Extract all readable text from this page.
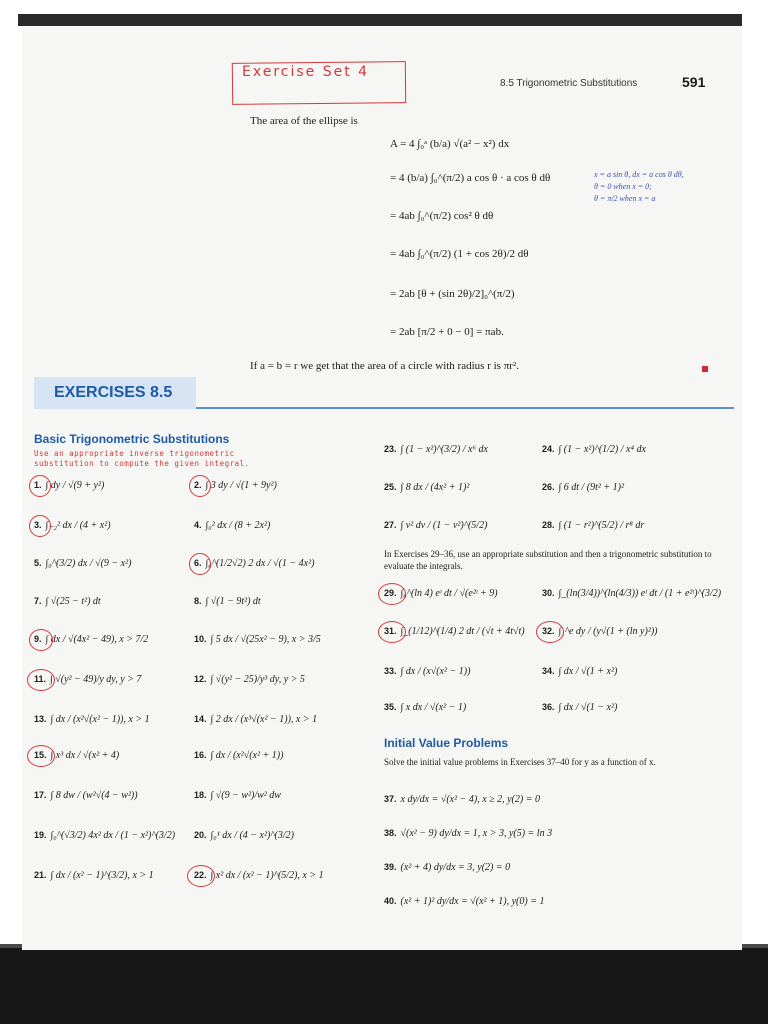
Exercise Set 4
8.5 Trigonometric Substitutions	591
The area of the ellipse is
A = 4 ∫₀ᵃ (b/a) √(a² − x²) dx
= 4 (b/a) ∫₀^(π/2) a cos θ · a cos θ dθ
= 4ab ∫₀^(π/2) cos² θ dθ
= 4ab ∫₀^(π/2) (1 + cos 2θ)/2 dθ
= 2ab [θ + (sin 2θ)/2]₀^(π/2)
= 2ab [π/2 + 0 − 0] = πab.
x = a sin θ, dx = a cos θ dθ,
θ = 0 when x = 0;
θ = π/2 when x = a
If a = b = r we get that the area of a circle with radius r is πr².
EXERCISES 8.5
Basic Trigonometric Substitutions
Use an appropriate inverse trigonometric
substitution to compute the given integral.
1. ∫ dy / √(9 + y²)
3. ∫₋₂² dx / (4 + x²)
5. ∫₀^(3/2) dx / √(9 − x²)
7. ∫ √(25 − t²) dt
9. ∫ dx / √(4x² − 49), x > 7/2
11. ∫ √(y² − 49)/y dy, y > 7
13. ∫ dx / (x²√(x² − 1)), x > 1
15. ∫ x³ dx / √(x² + 4)
17. ∫ 8 dw / (w²√(4 − w²))
19. ∫₀^(√3/2) 4x² dx / (1 − x²)^(3/2)
21. ∫ dx / (x² − 1)^(3/2), x > 1
2. ∫ 3 dy / √(1 + 9y²)
4. ∫₀² dx / (8 + 2x²)
6. ∫₀^(1/2√2) 2 dx / √(1 − 4x²)
8. ∫ √(1 − 9t²) dt
10. ∫ 5 dx / √(25x² − 9), x > 3/5
12. ∫ √(y² − 25)/y³ dy, y > 5
14. ∫ 2 dx / (x³√(x² − 1)), x > 1
16. ∫ dx / (x²√(x² + 1))
18. ∫ √(9 − w²)/w² dw
20. ∫₀¹ dx / (4 − x²)^(3/2)
22. ∫ x² dx / (x² − 1)^(5/2), x > 1
23. ∫ (1 − x²)^(3/2) / x⁶ dx
25. ∫ 8 dx / (4x² + 1)²
27. ∫ v² dv / (1 − v²)^(5/2)
24. ∫ (1 − x²)^(1/2) / x⁴ dx
26. ∫ 6 dt / (9t² + 1)²
28. ∫ (1 − r²)^(5/2) / r⁸ dr
In Exercises 29–36, use an appropriate substitution and then a trigonometric substitution to evaluate the integrals.
29. ∫₀^(ln 4) eᵗ dt / √(e²ᵗ + 9)
31. ∫_(1/12)^(1/4) 2 dt / (√t + 4t√t)
33. ∫ dx / (x√(x² − 1))
35. ∫ x dx / √(x² − 1)
30. ∫_(ln(3/4))^(ln(4/3)) eᵗ dt / (1 + e²ᵗ)^(3/2)
32. ∫₁^e dy / (y√(1 + (ln y)²))
34. ∫ dx / √(1 + x²)
36. ∫ dx / √(1 − x²)
Initial Value Problems
Solve the initial value problems in Exercises 37–40 for y as a function of x.
37. x dy/dx = √(x² − 4), x ≥ 2, y(2) = 0
38. √(x² − 9) dy/dx = 1, x > 3, y(5) = ln 3
39. (x² + 4) dy/dx = 3, y(2) = 0
40. (x² + 1)² dy/dx = √(x² + 1), y(0) = 1
